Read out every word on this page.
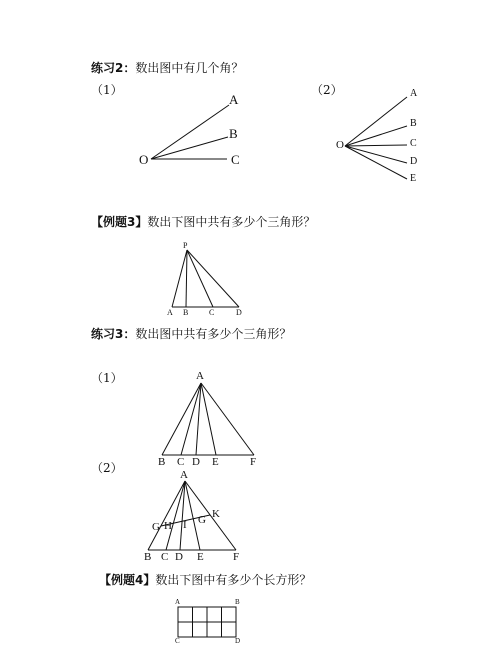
练习2：数出图中有几个角？
（1）	（2）
【例题3】数出下图中共有多少个三角形？
练习3：数出图中共有多少个三角形？
（1）
（2）
【例题4】数出下图中有多少个长方形？
O
A
B
C
O
A
B
C
D
E
P
A B	C	D
A
B C D E	F
A
G H I G K
B C D E	F
A	B
C	D
